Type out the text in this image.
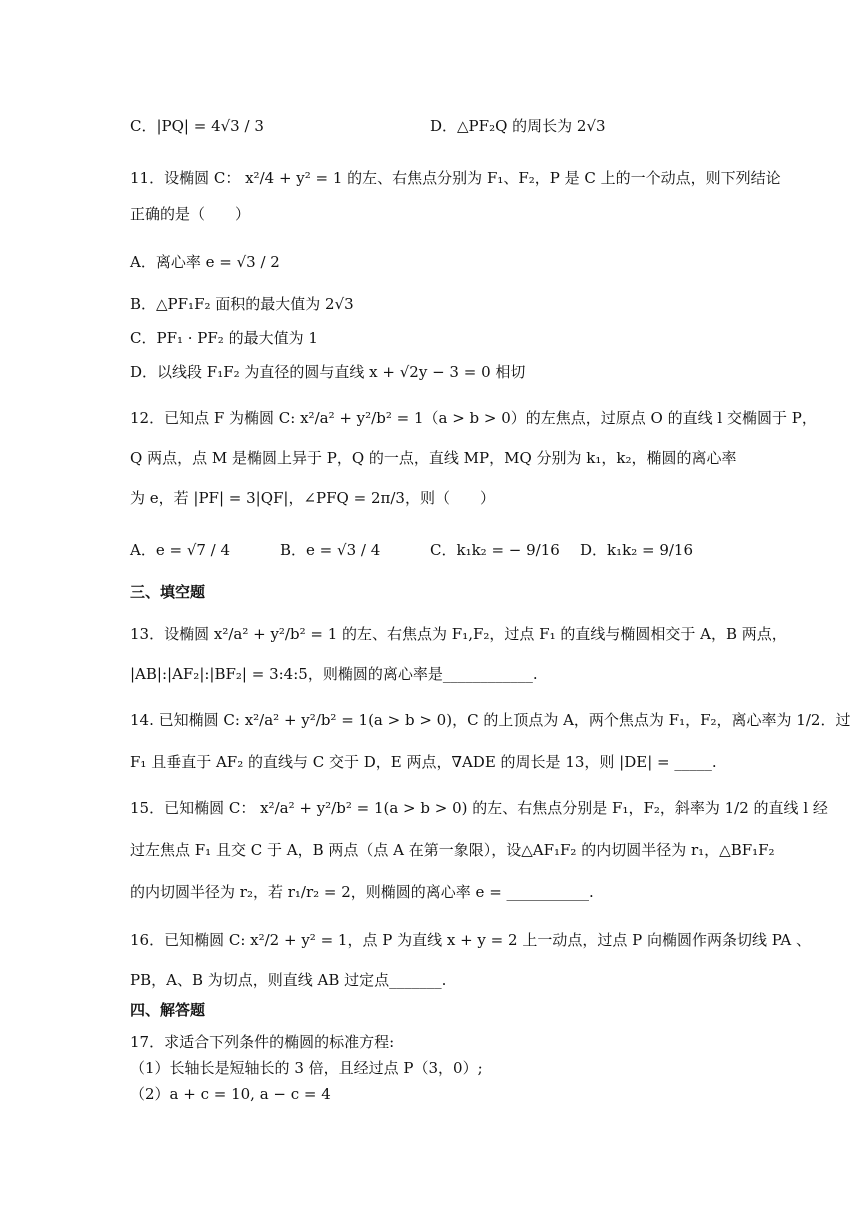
C．|PQ| = 4√3 / 3	D．△PF₂Q 的周长为 2√3
11．设椭圆 C： x²/4 + y² = 1 的左、右焦点分别为 F₁、F₂，P 是 C 上的一个动点，则下列结论
正确的是（　　）
A．离心率 e = √3 / 2
B．△PF₁F₂ 面积的最大值为 2√3
C．PF₁ · PF₂ 的最大值为 1
D．以线段 F₁F₂ 为直径的圆与直线 x + √2y − 3 = 0 相切
12．已知点 F 为椭圆 C: x²/a² + y²/b² = 1（a > b > 0）的左焦点，过原点 O 的直线 l 交椭圆于 P，
Q 两点，点 M 是椭圆上异于 P，Q 的一点，直线 MP，MQ 分别为 k₁，k₂，椭圆的离心率
为 e，若 |PF| = 3|QF|，∠PFQ = 2π/3，则（　　）
A．e = √7 / 4	B．e = √3 / 4	C．k₁k₂ = − 9/16	D．k₁k₂ = 9/16
三、填空题
13．设椭圆 x²/a² + y²/b² = 1 的左、右焦点为 F₁,F₂，过点 F₁ 的直线与椭圆相交于 A，B 两点，
|AB|:|AF₂|:|BF₂| = 3:4:5，则椭圆的离心率是____________.
14. 已知椭圆 C: x²/a² + y²/b² = 1(a > b > 0)，C 的上顶点为 A，两个焦点为 F₁，F₂，离心率为 1/2．过
F₁ 且垂直于 AF₂ 的直线与 C 交于 D，E 两点，∇ADE 的周长是 13，则 |DE| = _____.
15．已知椭圆 C： x²/a² + y²/b² = 1(a > b > 0) 的左、右焦点分别是 F₁，F₂，斜率为 1/2 的直线 l 经
过左焦点 F₁ 且交 C 于 A，B 两点（点 A 在第一象限），设△AF₁F₂ 的内切圆半径为 r₁，△BF₁F₂
的内切圆半径为 r₂，若 r₁/r₂ = 2，则椭圆的离心率 e = ___________.
16．已知椭圆 C: x²/2 + y² = 1，点 P 为直线 x + y = 2 上一动点，过点 P 向椭圆作两条切线 PA 、
PB，A、B 为切点，则直线 AB 过定点_______.
四、解答题
17．求适合下列条件的椭圆的标准方程:
（1）长轴长是短轴长的 3 倍，且经过点 P（3，0）;
（2）a + c = 10, a − c = 4
